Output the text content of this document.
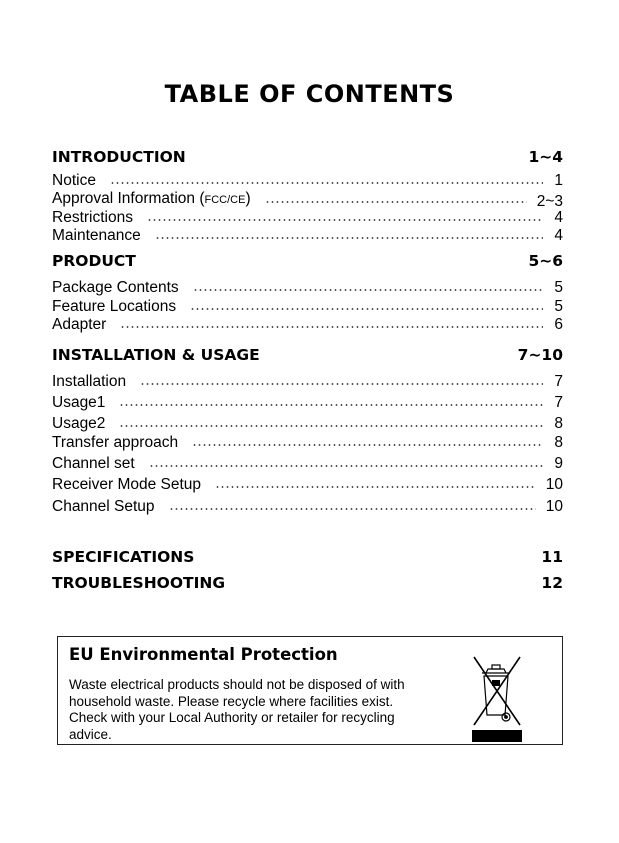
TABLE OF CONTENTS
INTRODUCTION	1~4
Notice	1
Approval Information (FCC/CE)	2~3
Restrictions	4
Maintenance	4
PRODUCT	5~6
Package Contents	5
Feature Locations	5
Adapter	6
INSTALLATION & USAGE	7~10
Installation	7
Usage1	7
Usage2	8
Transfer approach	8
Channel set	9
Receiver Mode Setup	10
Channel Setup	10
SPECIFICATIONS	11
TROUBLESHOOTING	12
EU Environmental Protection
Waste electrical products should not be disposed of with
household waste. Please recycle where facilities exist.
Check with your Local Authority or retailer for recycling
advice.
